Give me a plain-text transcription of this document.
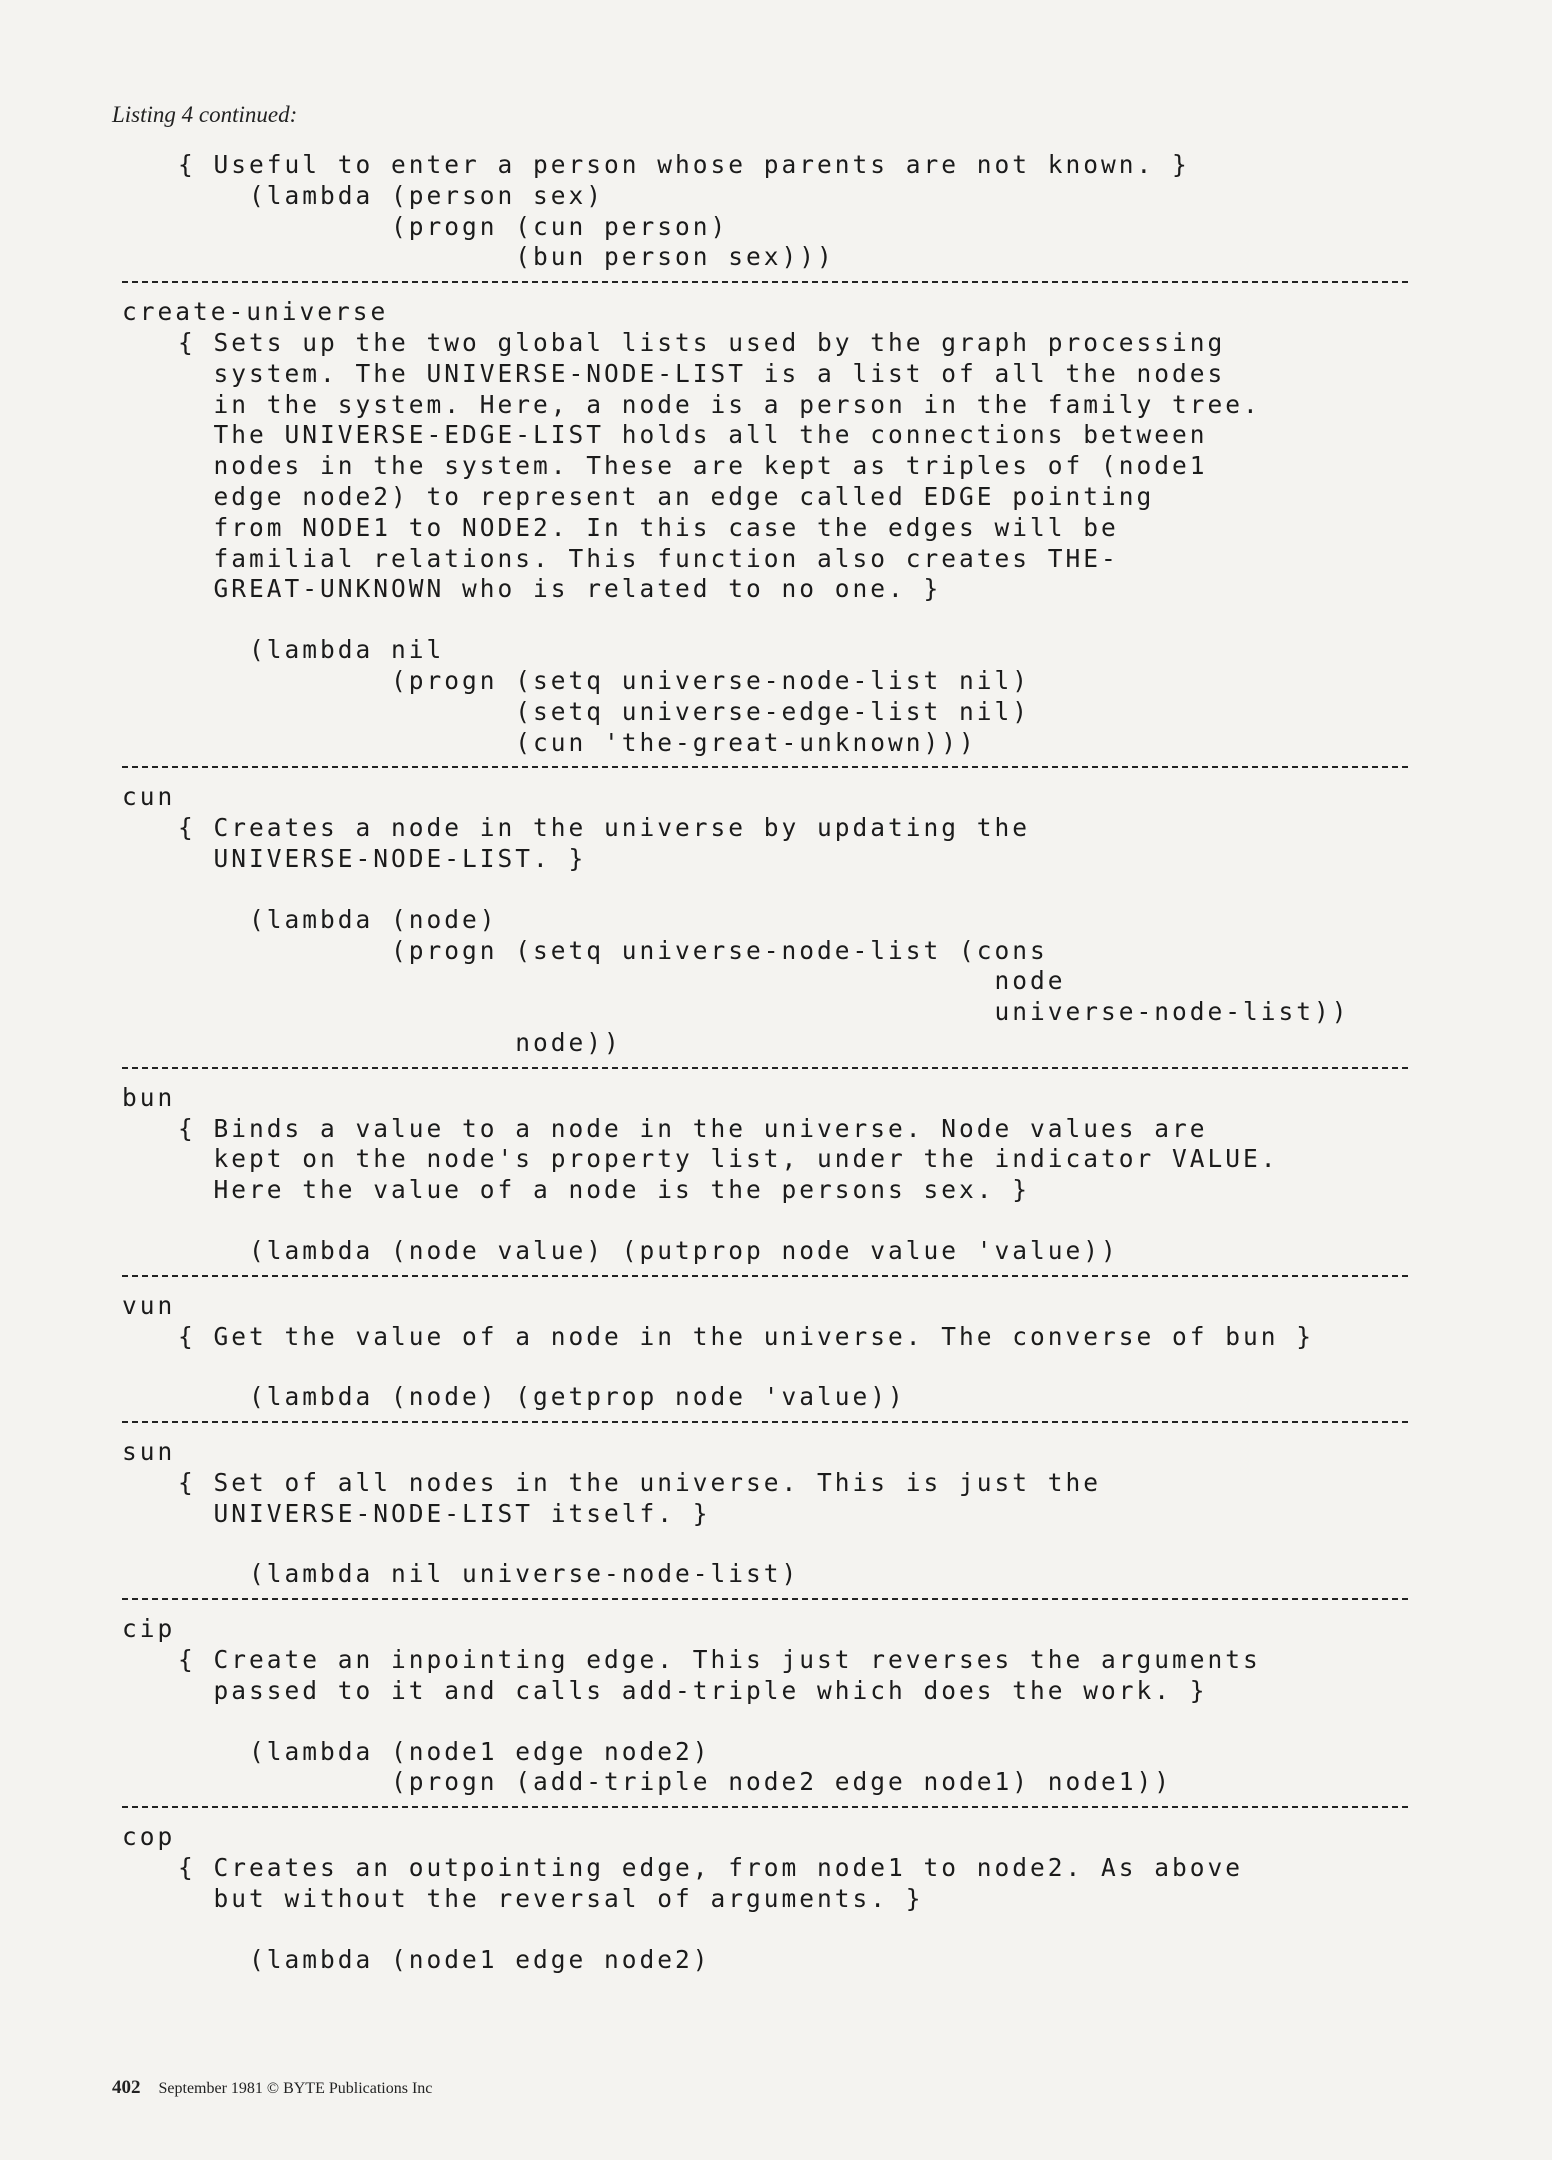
Listing 4 continued:
{ Useful to enter a person whose parents are not known. }
(lambda (person sex)
(progn (cun person)
(bun person sex)))
create-universe
{ Sets up the two global lists used by the graph processing
system. The UNIVERSE-NODE-LIST is a list of all the nodes
in the system. Here, a node is a person in the family tree.
The UNIVERSE-EDGE-LIST holds all the connections between
nodes in the system. These are kept as triples of (node1
edge node2) to represent an edge called EDGE pointing
from NODE1 to NODE2. In this case the edges will be
familial relations. This function also creates THE-
GREAT-UNKNOWN who is related to no one. }
(lambda nil
(progn (setq universe-node-list nil)
(setq universe-edge-list nil)
(cun 'the-great-unknown)))
cun
{ Creates a node in the universe by updating the
UNIVERSE-NODE-LIST. }
(lambda (node)
(progn (setq universe-node-list (cons
node
universe-node-list))
node))
bun
{ Binds a value to a node in the universe. Node values are
kept on the node's property list, under the indicator VALUE.
Here the value of a node is the persons sex. }
(lambda (node value) (putprop node value 'value))
vun
{ Get the value of a node in the universe. The converse of bun }
(lambda (node) (getprop node 'value))
sun
{ Set of all nodes in the universe. This is just the
UNIVERSE-NODE-LIST itself. }
(lambda nil universe-node-list)
cip
{ Create an inpointing edge. This just reverses the arguments
passed to it and calls add-triple which does the work. }
(lambda (node1 edge node2)
(progn (add-triple node2 edge node1) node1))
cop
{ Creates an outpointing edge, from node1 to node2. As above
but without the reversal of arguments. }
(lambda (node1 edge node2)
402 September 1981 © BYTE Publications Inc
